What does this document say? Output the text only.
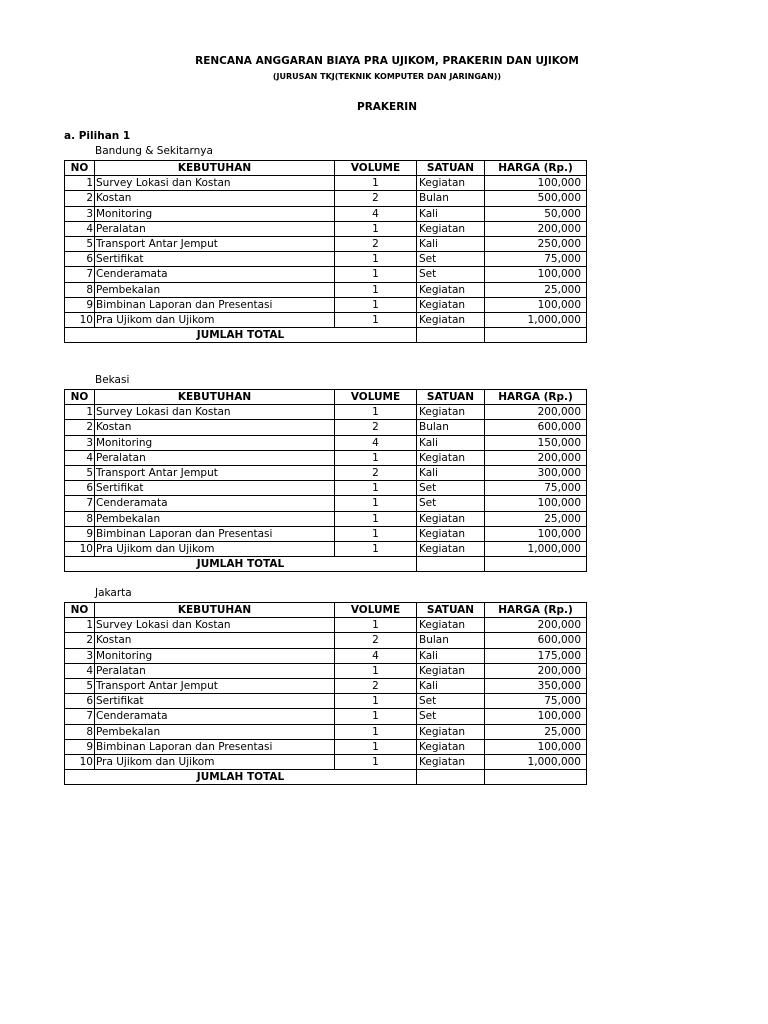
RENCANA ANGGARAN BIAYA PRA UJIKOM, PRAKERIN DAN UJIKOM
(JURUSAN TKJ(TEKNIK KOMPUTER DAN JARINGAN))
PRAKERIN
a. Pilihan 1
Bandung & Sekitarnya
NO	KEBUTUHAN	VOLUME	SATUAN	HARGA (Rp.)
1	Survey Lokasi dan Kostan	1	Kegiatan	100,000
2	Kostan	2	Bulan	500,000
3	Monitoring	4	Kali	50,000
4	Peralatan	1	Kegiatan	200,000
5	Transport Antar Jemput	2	Kali	250,000
6	Sertifikat	1	Set	75,000
7	Cenderamata	1	Set	100,000
8	Pembekalan	1	Kegiatan	25,000
9	Bimbinan Laporan dan Presentasi	1	Kegiatan	100,000
10	Pra Ujikom dan Ujikom	1	Kegiatan	1,000,000
JUMLAH TOTAL				
Bekasi
NO	KEBUTUHAN	VOLUME	SATUAN	HARGA (Rp.)
1	Survey Lokasi dan Kostan	1	Kegiatan	200,000
2	Kostan	2	Bulan	600,000
3	Monitoring	4	Kali	150,000
4	Peralatan	1	Kegiatan	200,000
5	Transport Antar Jemput	2	Kali	300,000
6	Sertifikat	1	Set	75,000
7	Cenderamata	1	Set	100,000
8	Pembekalan	1	Kegiatan	25,000
9	Bimbinan Laporan dan Presentasi	1	Kegiatan	100,000
10	Pra Ujikom dan Ujikom	1	Kegiatan	1,000,000
JUMLAH TOTAL				
Jakarta
NO	KEBUTUHAN	VOLUME	SATUAN	HARGA (Rp.)
1	Survey Lokasi dan Kostan	1	Kegiatan	200,000
2	Kostan	2	Bulan	600,000
3	Monitoring	4	Kali	175,000
4	Peralatan	1	Kegiatan	200,000
5	Transport Antar Jemput	2	Kali	350,000
6	Sertifikat	1	Set	75,000
7	Cenderamata	1	Set	100,000
8	Pembekalan	1	Kegiatan	25,000
9	Bimbinan Laporan dan Presentasi	1	Kegiatan	100,000
10	Pra Ujikom dan Ujikom	1	Kegiatan	1,000,000
JUMLAH TOTAL				
